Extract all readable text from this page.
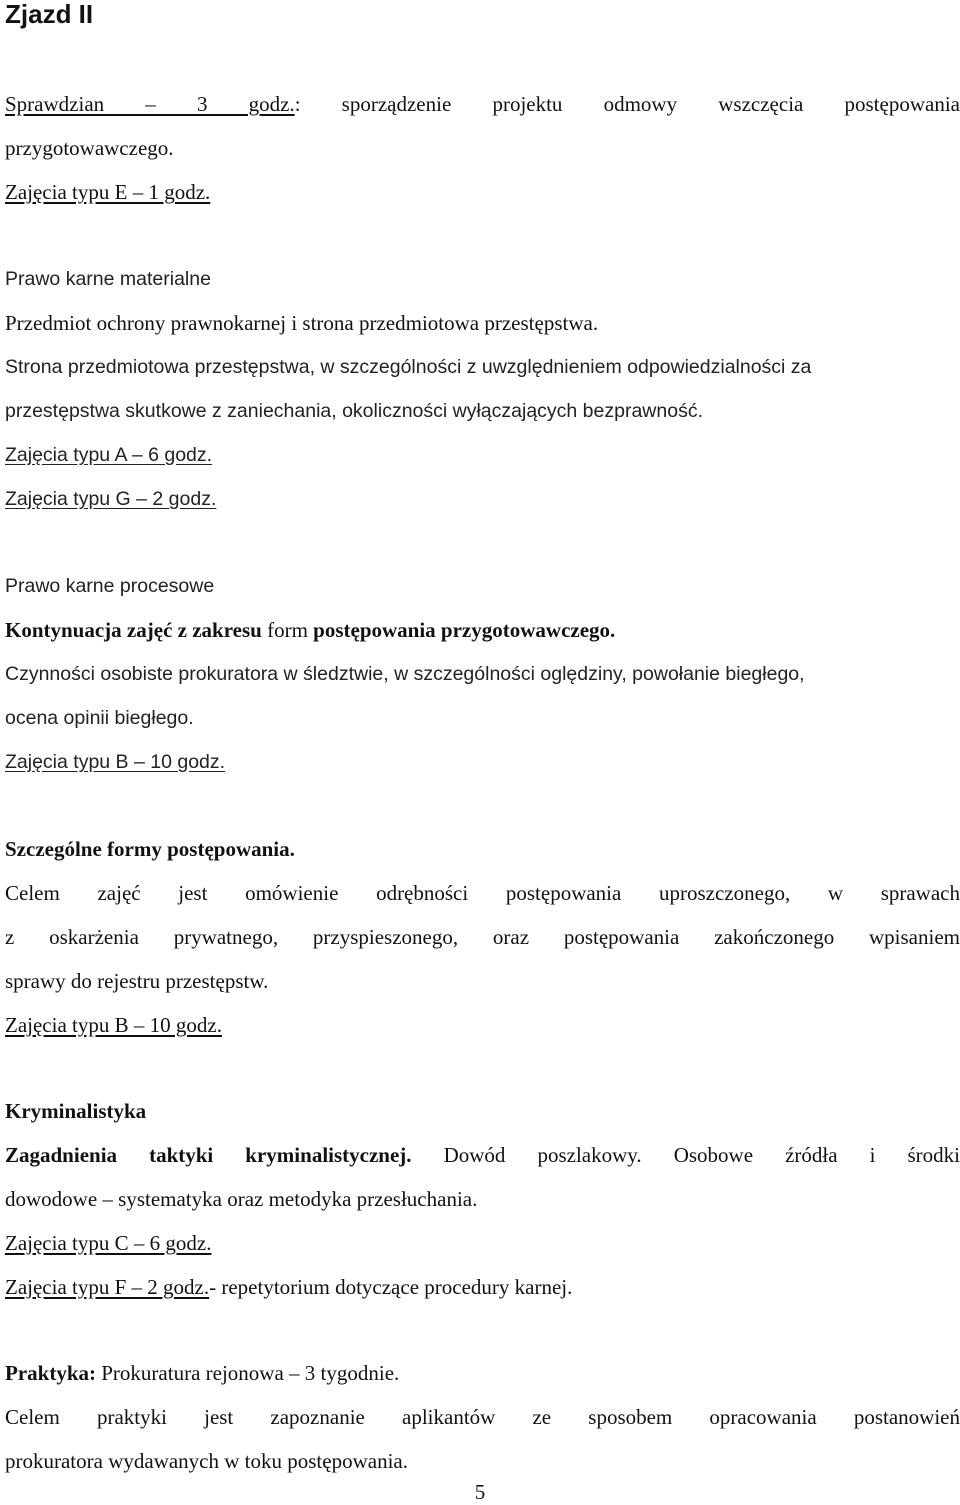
Zjazd II
Sprawdzian – 3 godz.: sporządzenie projektu odmowy wszczęcia postępowania
przygotowawczego.
Zajęcia typu E – 1 godz.
Prawo karne materialne
Przedmiot ochrony prawnokarnej i strona przedmiotowa przestępstwa.
Strona przedmiotowa przestępstwa, w szczególności z uwzględnieniem odpowiedzialności za
przestępstwa skutkowe z zaniechania, okoliczności wyłączających bezprawność.
Zajęcia typu A – 6 godz.
Zajęcia typu G – 2 godz.
Prawo karne procesowe
Kontynuacja zajęć z zakresu form postępowania przygotowawczego.
Czynności osobiste prokuratora w śledztwie, w szczególności oględziny, powołanie biegłego,
ocena opinii biegłego.
Zajęcia typu B – 10 godz.
Szczególne formy postępowania.
Celem zajęć jest omówienie odrębności postępowania uproszczonego, w sprawach
z oskarżenia prywatnego, przyspieszonego, oraz postępowania zakończonego wpisaniem
sprawy do rejestru przestępstw.
Zajęcia typu B – 10 godz.
Kryminalistyka
Zagadnienia taktyki kryminalistycznej. Dowód poszlakowy. Osobowe źródła i środki
dowodowe – systematyka oraz metodyka przesłuchania.
Zajęcia typu C – 6 godz.
Zajęcia typu F – 2 godz.- repetytorium dotyczące procedury karnej.
Praktyka: Prokuratura rejonowa – 3 tygodnie.
Celem praktyki jest zapoznanie aplikantów ze sposobem opracowania postanowień
prokuratora wydawanych w toku postępowania.
5
